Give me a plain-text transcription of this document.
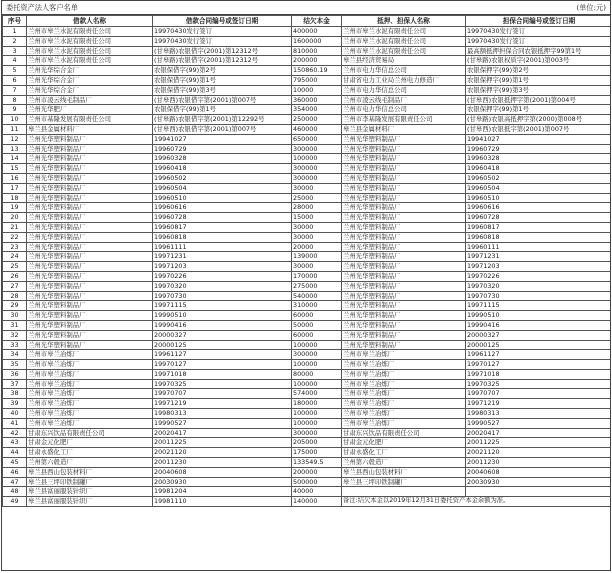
委托资产法人客户名单	(单位:元)
序号	借款人名称	借款合同编号或签订日期	结欠本金	抵押、担保人名称	担保合同编号或签订日期
1	兰州市皋兰水泥有限责任公司	19970430发行签订	400000	兰州市皋兰水泥有限责任公司	19970430发行签订
2	兰州市皋兰水泥有限责任公司	19970430发行签订	1600000	兰州市皋兰水泥有限责任公司	19970430发行签订
3	兰州市皋兰水泥有限责任公司	(甘皋路)农银借字(2001)第12312号	810000	兰州市皋兰水泥有限责任公司	最高额抵押担保合同农银抵押字99第1号
4	兰州市皋兰水泥有限责任公司	(甘皋路)农银借字(2001)第12312号	200000	皋兰县经济贸易局	(甘皋路)农银权质字(2001)第003号
5	兰州光华综合金厂	农银保借字(99)第2号	150860.19	兰州市电力华信总公司	农银保押字(99)第2号
6	兰州光华综合金厂	农银保借字(99)第1号	795000	甘肃省电力工业局兰州电力修造厂	农银保押字(99)第1号
7	兰州光华综合金厂	农银保借字(99)第3号	10000	兰州市电力华信总公司	农银保押字(99)第3号
8	兰州市凌云线毛制品厂	(甘皋西)农银借字第(2001)第007号	360000	兰州市凌云线毛制品厂	(甘皋西)农银抵押字第(2001)第004号
9	兰州光华肥厂	农银保借字(99)第1号	354000	兰州市电力华信总公司	农银保押字(99)第1号
10	兰州市基隆发展有限责任公司	(甘皋路)农银借字第(2001)第12292号	250000	兰州市李基隆发展有限责任公司	(甘皋路)农银高抵押字第(2000)第008号
11	皋兰县金属材料厂	(甘皋西)农银借字第(2001)第007号	460000	皋兰县金属材料厂	(甘皋西)农银抵字第(2001)第007号
12	兰州光华塑料制品厂	19941027	650000	兰州光华塑料制品厂	19941027
13	兰州光华塑料制品厂	19960729	300000	兰州光华塑料制品厂	19960729
14	兰州光华塑料制品厂	19960328	100000	兰州光华塑料制品厂	19960328
15	兰州光华塑料制品厂	19960418	300000	兰州光华塑料制品厂	19960418
16	兰州光华塑料制品厂	19960502	300000	兰州光华塑料制品厂	19960502
17	兰州光华塑料制品厂	19960504	30000	兰州光华塑料制品厂	19960504
18	兰州光华塑料制品厂	19960510	25000	兰州光华塑料制品厂	19960510
19	兰州光华塑料制品厂	19960616	28000	兰州光华塑料制品厂	19960616
20	兰州光华塑料制品厂	19960728	15000	兰州光华塑料制品厂	19960728
21	兰州光华塑料制品厂	19960817	30000	兰州光华塑料制品厂	19960817
22	兰州光华塑料制品厂	19960818	30000	兰州光华塑料制品厂	19960818
23	兰州光华塑料制品厂	19961111	20000	兰州光华塑料制品厂	19960111
24	兰州光华塑料制品厂	19971231	139000	兰州光华塑料制品厂	19971231
25	兰州光华塑料制品厂	19971203	30000	兰州光华塑料制品厂	19971203
26	兰州光华塑料制品厂	19970226	170000	兰州光华塑料制品厂	19970226
27	兰州光华塑料制品厂	19970320	275000	兰州光华塑料制品厂	19970320
28	兰州光华塑料制品厂	19970730	540000	兰州光华塑料制品厂	19970730
29	兰州光华塑料制品厂	19971115	310000	兰州光华塑料制品厂	19971115
30	兰州光华塑料制品厂	19990510	60000	兰州光华塑料制品厂	19990510
31	兰州光华塑料制品厂	19990416	50000	兰州光华塑料制品厂	19990416
32	兰州光华塑料制品厂	20000327	60000	兰州光华塑料制品厂	20000327
33	兰州光华塑料制品厂	20000125	100000	兰州光华塑料制品厂	20000125
34	兰州市皋兰冶炼厂	19961127	300000	兰州市皋兰冶炼厂	19961127
35	兰州市皋兰冶炼厂	19970127	100000	兰州市皋兰冶炼厂	19970127
36	兰州市皋兰冶炼厂	19971018	80000	兰州市皋兰冶炼厂	19971018
37	兰州市皋兰冶炼厂	19970325	100000	兰州市皋兰冶炼厂	19970325
38	兰州市皋兰冶炼厂	19970707	574000	兰州市皋兰冶炼厂	19970707
39	兰州市皋兰冶炼厂	19971219	180000	兰州市皋兰冶炼厂	19971219
40	兰州市皋兰冶炼厂	19980313	100000	兰州市皋兰冶炼厂	19980313
41	兰州市皋兰冶炼厂	19990527	100000	兰州市皋兰冶炼厂	19990527
42	甘肃东兴饮品有限责任公司	20020417	300000	甘肃东兴饮品有限责任公司	20020417
43	甘肃金元化肥厂	20011225	205000	甘肃金元化肥厂	20011225
44	甘肃永盛化工厂	20021120	175000	甘肃永盛化工厂	20021120
45	兰州第六毂造厂	20011230	133549.5	兰州第六毂造厂	20011230
46	皋兰县西山包装材料厂	20040608	200000	皋兰县西山包装材料厂	20040608
47	皋兰县三坪印铁制罐厂	20030930	500000	皋兰县三坪印铁制罐厂	20030930
48	皋兰县富丽服装针织厂	19981204	40000		
49	皋兰县富丽服装针织厂	19981110	140000	备注:结欠本金以2019年12月31日委托资产本金余额为准。	
